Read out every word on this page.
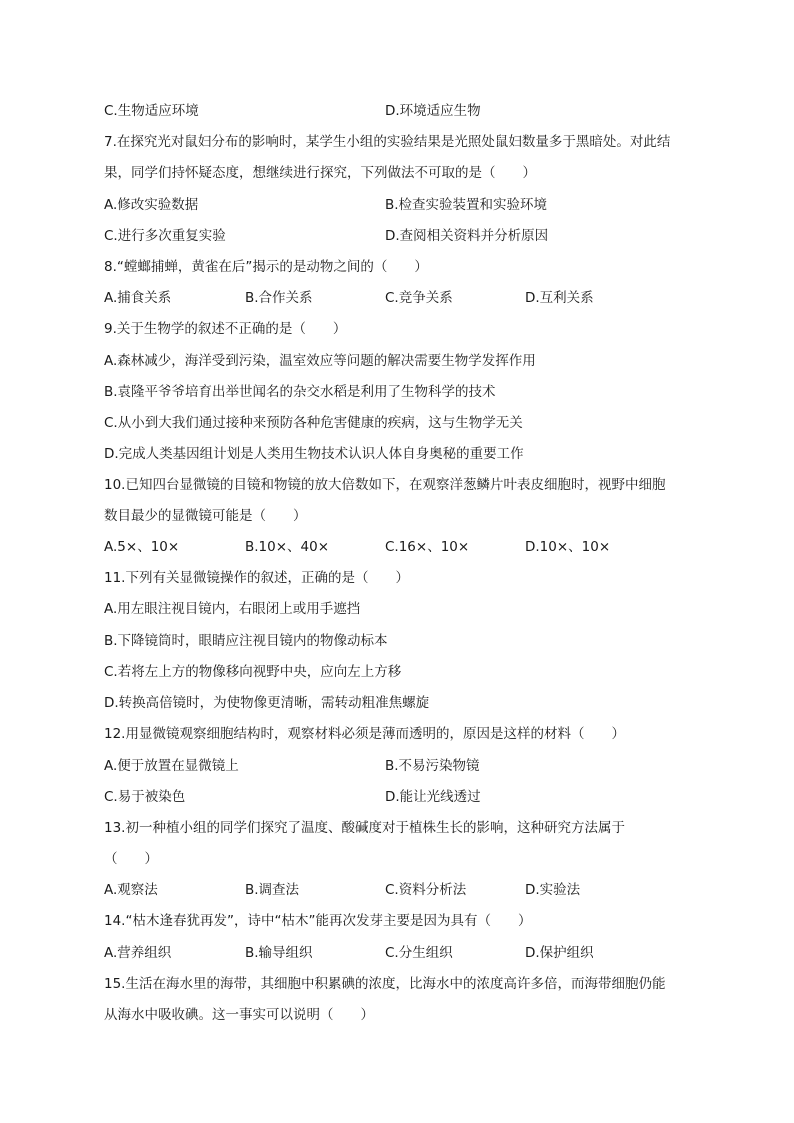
C.生物适应环境	D.环境适应生物
7.在探究光对鼠妇分布的影响时，某学生小组的实验结果是光照处鼠妇数量多于黑暗处。对此结
果，同学们持怀疑态度，想继续进行探究，下列做法不可取的是（　　）
A.修改实验数据	B.检查实验装置和实验环境
C.进行多次重复实验	D.查阅相关资料并分析原因
8.“螳螂捕蝉，黄雀在后”揭示的是动物之间的（　　）
A.捕食关系	B.合作关系	C.竞争关系	D.互利关系
9.关于生物学的叙述不正确的是（　　）
A.森林减少，海洋受到污染，温室效应等问题的解决需要生物学发挥作用
B.袁隆平爷爷培育出举世闻名的杂交水稻是利用了生物科学的技术
C.从小到大我们通过接种来预防各种危害健康的疾病，这与生物学无关
D.完成人类基因组计划是人类用生物技术认识人体自身奥秘的重要工作
10.已知四台显微镜的目镜和物镜的放大倍数如下，在观察洋葱鳞片叶表皮细胞时，视野中细胞
数目最少的显微镜可能是（　　）
A.5×、10×	B.10×、40×	C.16×、10×	D.10×、10×
11.下列有关显微镜操作的叙述，正确的是（　　）
A.用左眼注视目镜内，右眼闭上或用手遮挡
B.下降镜筒时，眼睛应注视目镜内的物像动标本
C.若将左上方的物像移向视野中央，应向左上方移
D.转换高倍镜时，为使物像更清晰，需转动粗准焦螺旋
12.用显微镜观察细胞结构时，观察材料必须是薄而透明的，原因是这样的材料（　　）
A.便于放置在显微镜上	B.不易污染物镜
C.易于被染色	D.能让光线透过
13.初一种植小组的同学们探究了温度、酸碱度对于植株生长的影响，这种研究方法属于
（　　）
A.观察法	B.调查法	C.资料分析法	D.实验法
14.“枯木逢春犹再发”，诗中“枯木”能再次发芽主要是因为具有（　　）
A.营养组织	B.输导组织	C.分生组织	D.保护组织
15.生活在海水里的海带，其细胞中积累碘的浓度，比海水中的浓度高许多倍，而海带细胞仍能
从海水中吸收碘。这一事实可以说明（　　）
